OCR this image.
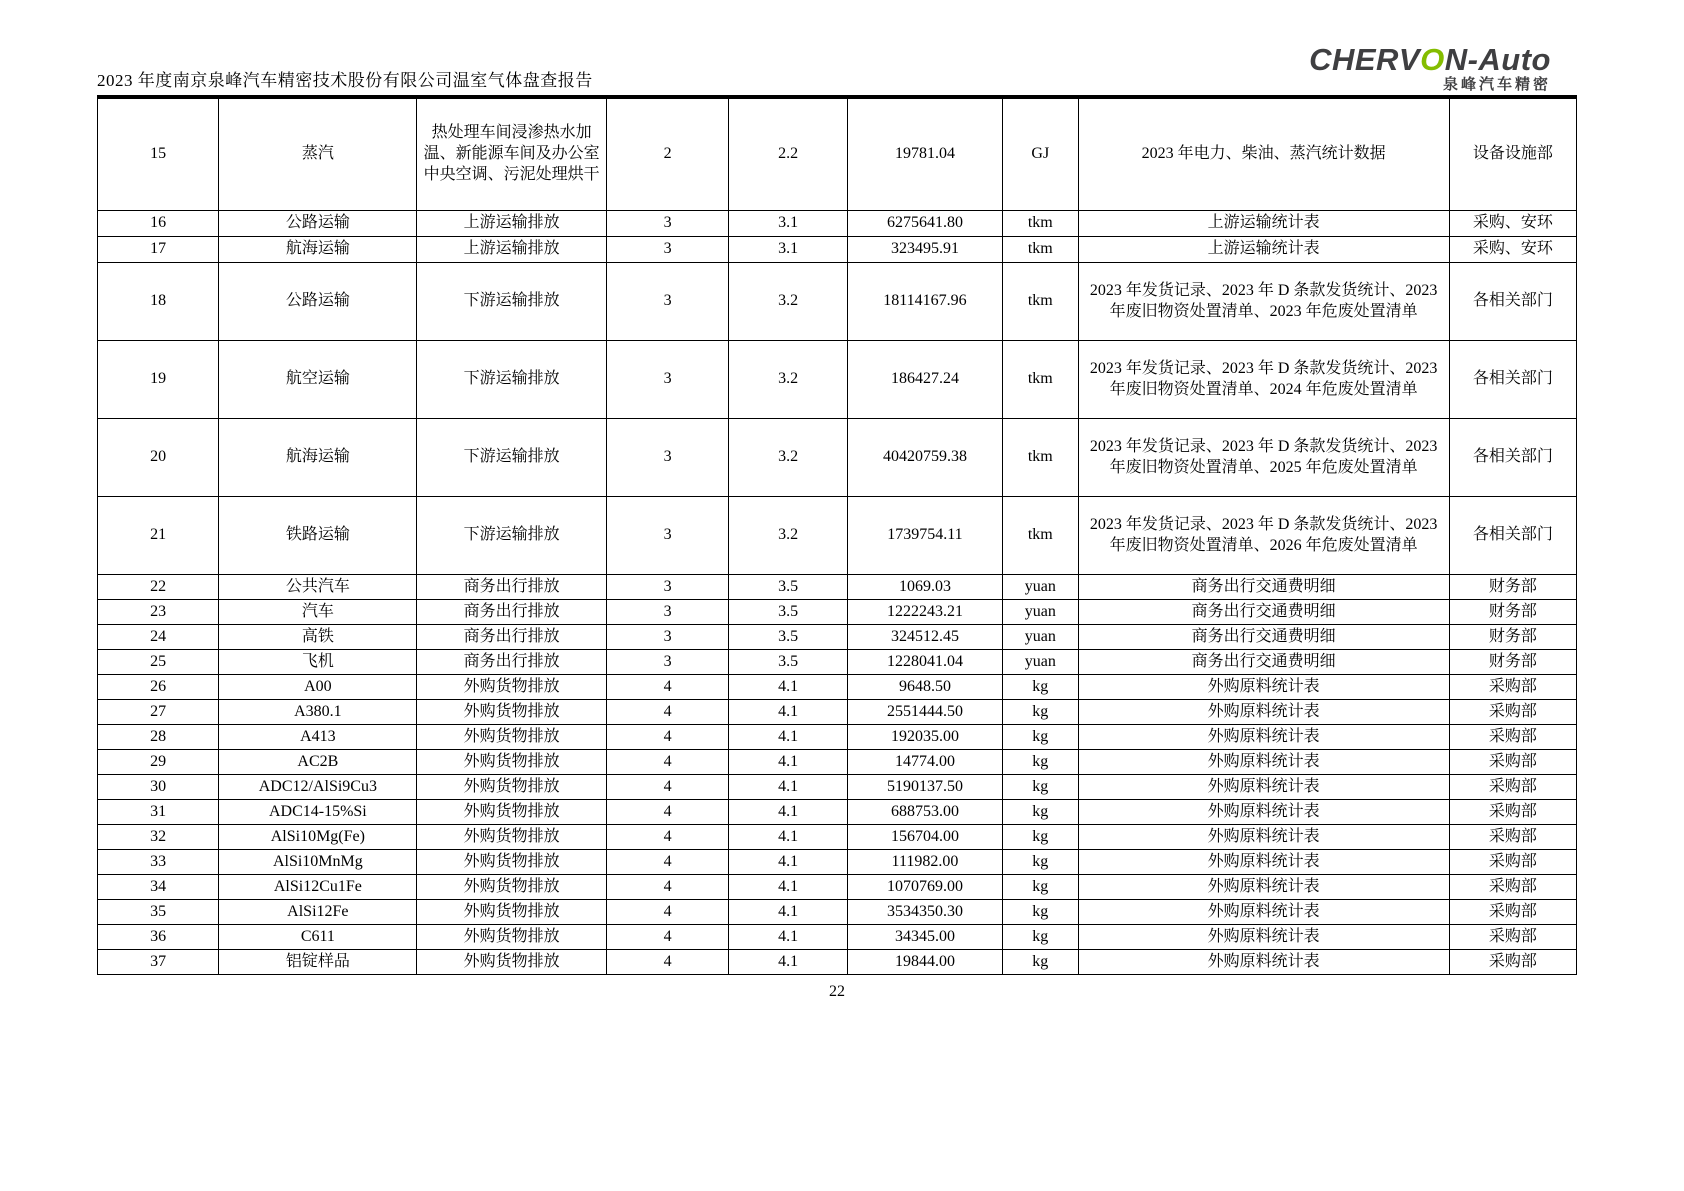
2023 年度南京泉峰汽车精密技术股份有限公司温室气体盘查报告
CHERVON-Auto
泉峰汽车精密
15	蒸汽	热处理车间浸渗热水加温、新能源车间及办公室中央空调、污泥处理烘干	2	2.2	19781.04	GJ	2023 年电力、柴油、蒸汽统计数据	设备设施部
16	公路运输	上游运输排放	3	3.1	6275641.80	tkm	上游运输统计表	采购、安环
17	航海运输	上游运输排放	3	3.1	323495.91	tkm	上游运输统计表	采购、安环
18	公路运输	下游运输排放	3	3.2	18114167.96	tkm	2023 年发货记录、2023 年 D 条款发货统计、2023 年废旧物资处置清单、2023 年危废处置清单	各相关部门
19	航空运输	下游运输排放	3	3.2	186427.24	tkm	2023 年发货记录、2023 年 D 条款发货统计、2023 年废旧物资处置清单、2024 年危废处置清单	各相关部门
20	航海运输	下游运输排放	3	3.2	40420759.38	tkm	2023 年发货记录、2023 年 D 条款发货统计、2023 年废旧物资处置清单、2025 年危废处置清单	各相关部门
21	铁路运输	下游运输排放	3	3.2	1739754.11	tkm	2023 年发货记录、2023 年 D 条款发货统计、2023 年废旧物资处置清单、2026 年危废处置清单	各相关部门
22	公共汽车	商务出行排放	3	3.5	1069.03	yuan	商务出行交通费明细	财务部
23	汽车	商务出行排放	3	3.5	1222243.21	yuan	商务出行交通费明细	财务部
24	高铁	商务出行排放	3	3.5	324512.45	yuan	商务出行交通费明细	财务部
25	飞机	商务出行排放	3	3.5	1228041.04	yuan	商务出行交通费明细	财务部
26	A00	外购货物排放	4	4.1	9648.50	kg	外购原料统计表	采购部
27	A380.1	外购货物排放	4	4.1	2551444.50	kg	外购原料统计表	采购部
28	A413	外购货物排放	4	4.1	192035.00	kg	外购原料统计表	采购部
29	AC2B	外购货物排放	4	4.1	14774.00	kg	外购原料统计表	采购部
30	ADC12/AlSi9Cu3	外购货物排放	4	4.1	5190137.50	kg	外购原料统计表	采购部
31	ADC14-15%Si	外购货物排放	4	4.1	688753.00	kg	外购原料统计表	采购部
32	AlSi10Mg(Fe)	外购货物排放	4	4.1	156704.00	kg	外购原料统计表	采购部
33	AlSi10MnMg	外购货物排放	4	4.1	111982.00	kg	外购原料统计表	采购部
34	AlSi12Cu1Fe	外购货物排放	4	4.1	1070769.00	kg	外购原料统计表	采购部
35	AlSi12Fe	外购货物排放	4	4.1	3534350.30	kg	外购原料统计表	采购部
36	C611	外购货物排放	4	4.1	34345.00	kg	外购原料统计表	采购部
37	铝锭样品	外购货物排放	4	4.1	19844.00	kg	外购原料统计表	采购部
22
